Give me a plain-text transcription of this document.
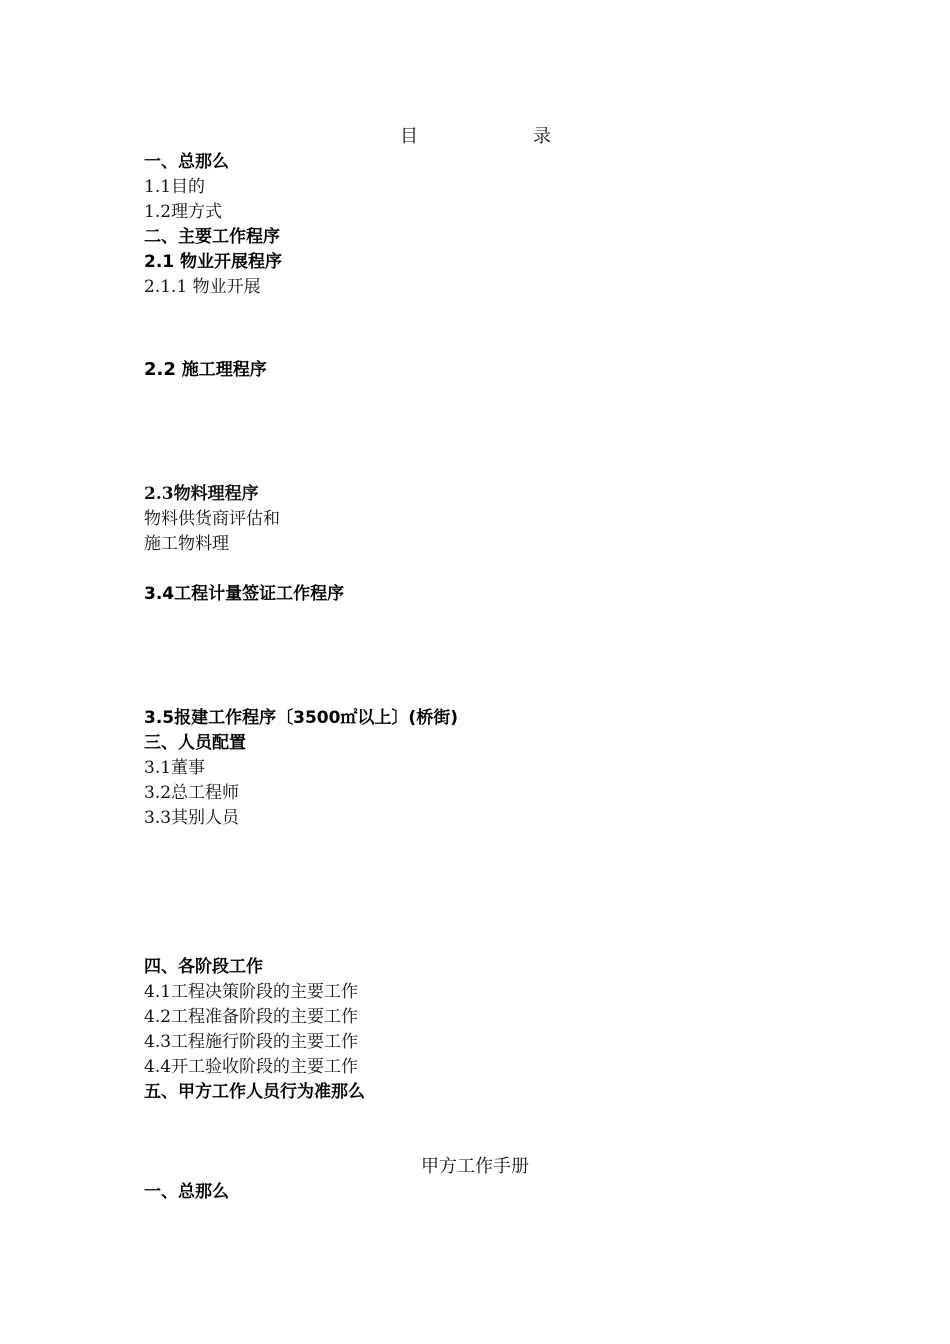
目	录
一、总那么
1.1目的
1.2理方式
二、主要工作程序
2.1 物业开展程序
2.1.1 物业开展
2.2 施工理程序
2.3物料理程序
物料供货商评估和
施工物料理
3.4工程计量签证工作程序
3.5报建工作程序〔3500㎡以上〕(桥街)
三、人员配置
3.1董事
3.2总工程师
3.3其别人员
四、各阶段工作
4.1工程决策阶段的主要工作
4.2工程准备阶段的主要工作
4.3工程施行阶段的主要工作
4.4开工验收阶段的主要工作
五、甲方工作人员行为准那么
甲方工作手册
一、总那么
